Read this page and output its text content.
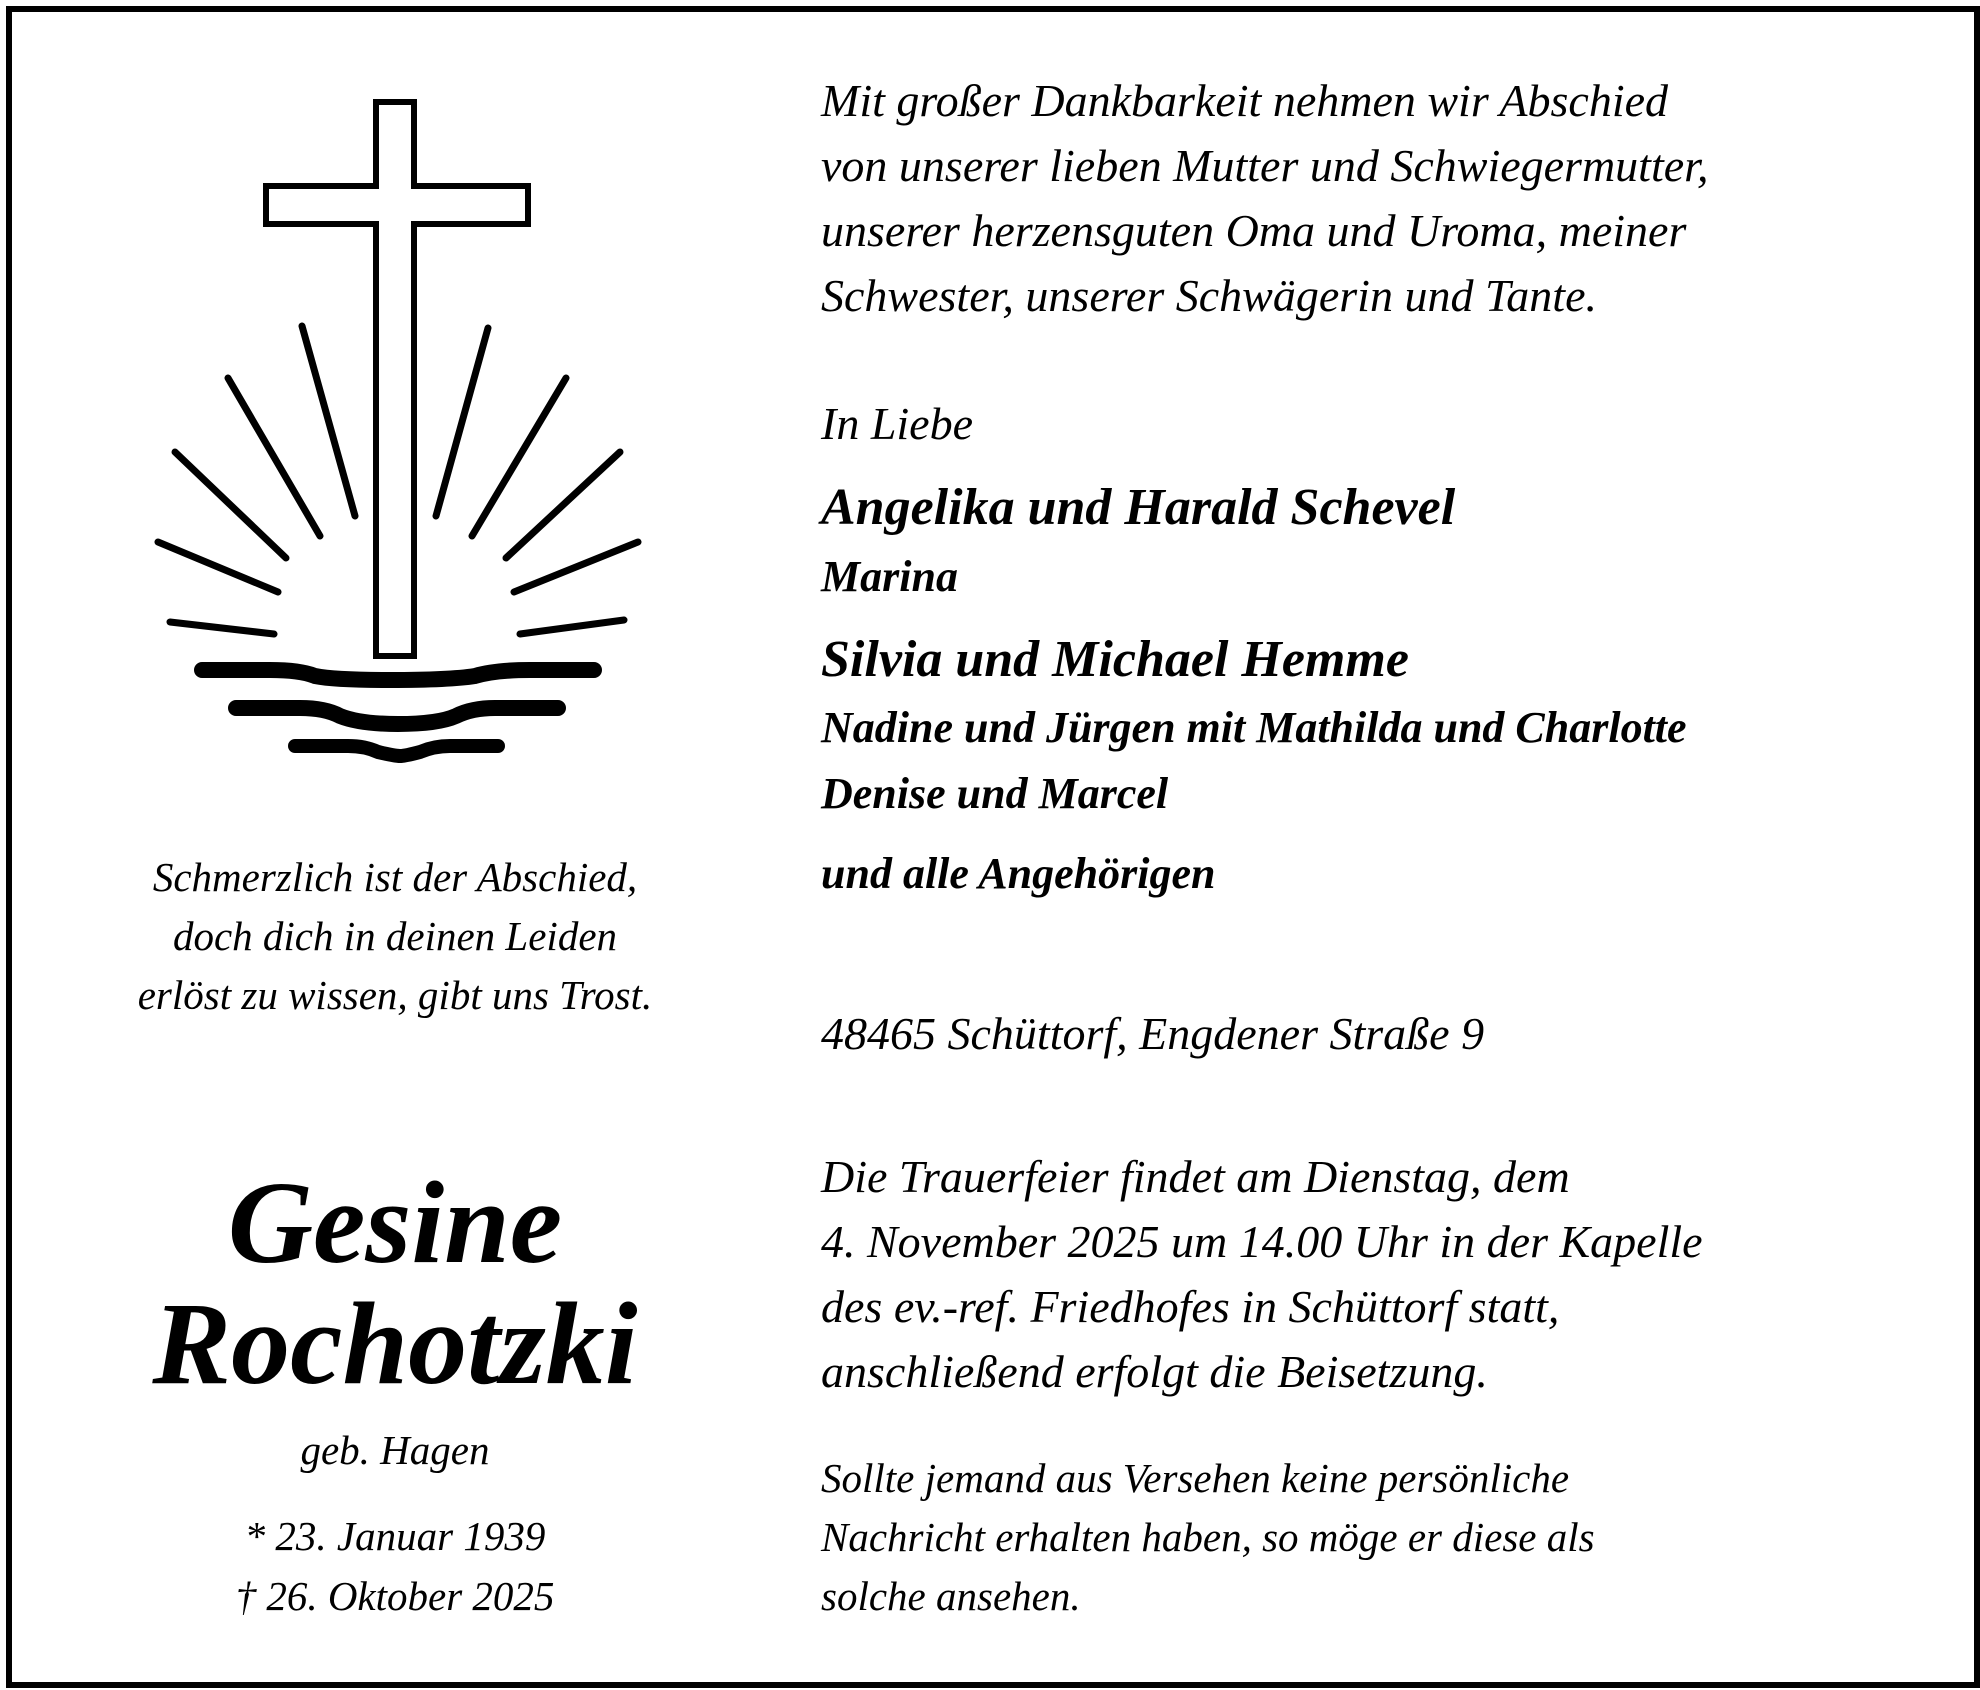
Schmerzlich ist der Abschied,
doch dich in deinen Leiden
erlöst zu wissen, gibt uns Trost.
Gesine
Rochotzki
geb. Hagen
* 23. Januar 1939
† 26. Oktober 2025
Mit großer Dankbarkeit nehmen wir Abschied
von unserer lieben Mutter und Schwiegermutter,
unserer herzensguten Oma und Uroma, meiner
Schwester, unserer Schwägerin und Tante.
In Liebe
Angelika und Harald Schevel
Marina
Silvia und Michael Hemme
Nadine und Jürgen mit Mathilda und Charlotte
Denise und Marcel
und alle Angehörigen
48465 Schüttorf, Engdener Straße 9
Die Trauerfeier findet am Dienstag, dem
4. November 2025 um 14.00 Uhr in der Kapelle
des ev.-ref. Friedhofes in Schüttorf statt,
anschließend erfolgt die Beisetzung.
Sollte jemand aus Versehen keine persönliche
Nachricht erhalten haben, so möge er diese als
solche ansehen.
